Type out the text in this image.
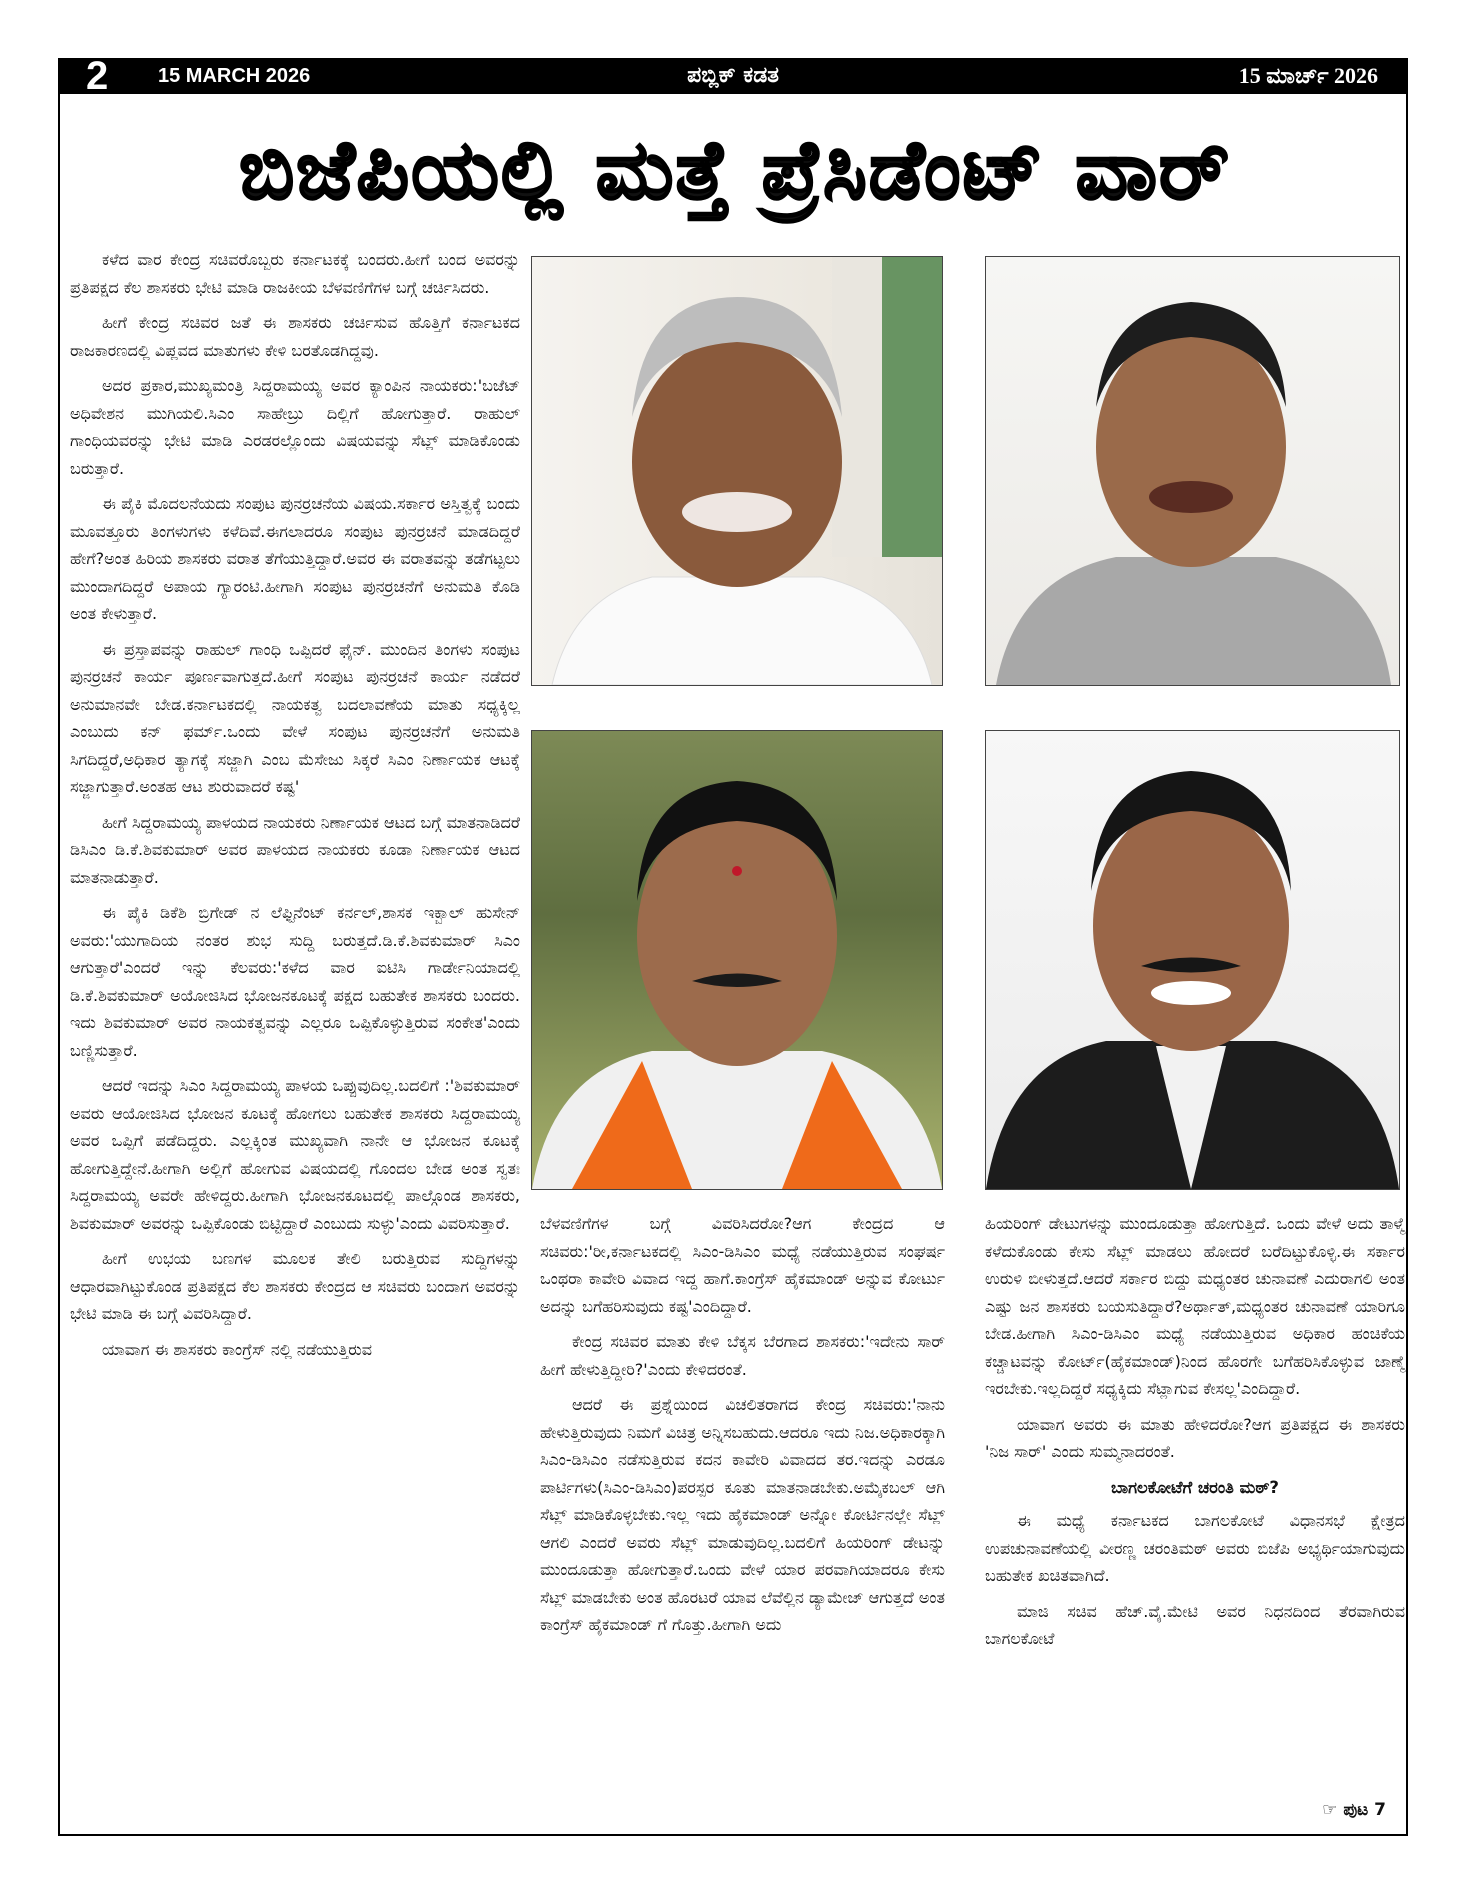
2 15 MARCH 2026	ಪಬ್ಲಿಕ್ ಕಡತ	15 ಮಾರ್ಚ್ 2026
ಬಿಜೆಪಿಯಲ್ಲಿ ಮತ್ತೆ ಪ್ರೆಸಿಡೆಂಟ್ ವಾರ್

ಕಳೆದ ವಾರ ಕೇಂದ್ರ ಸಚಿವರೊಬ್ಬರು ಕರ್ನಾಟಕಕ್ಕೆ ಬಂದರು.ಹೀಗೆ ಬಂದ ಅವರನ್ನು ಪ್ರತಿಪಕ್ಷದ ಕೆಲ ಶಾಸಕರು ಭೇಟಿ ಮಾಡಿ ರಾಜಕೀಯ ಬೆಳವಣಿಗೆಗಳ ಬಗ್ಗೆ ಚರ್ಚಿಸಿದರು.

ಹೀಗೆ ಕೇಂದ್ರ ಸಚಿವರ ಜತೆ ಈ ಶಾಸಕರು ಚರ್ಚಿಸುವ ಹೊತ್ತಿಗೆ ಕರ್ನಾಟಕದ ರಾಜಕಾರಣದಲ್ಲಿ ವಿಪ್ಲವದ ಮಾತುಗಳು ಕೇಳಿ ಬರತೊಡಗಿದ್ದವು.

ಅದರ ಪ್ರಕಾರ,ಮುಖ್ಯಮಂತ್ರಿ ಸಿದ್ದರಾಮಯ್ಯ ಅವರ ಕ್ಯಾಂಪಿನ ನಾಯಕರು:'ಬಜೆಟ್ ಅಧಿವೇಶನ ಮುಗಿಯಲಿ.ಸಿಎಂ ಸಾಹೇಬ್ರು ದಿಲ್ಲಿಗೆ ಹೋಗುತ್ತಾರೆ. ರಾಹುಲ್ ಗಾಂಧಿಯವರನ್ನು ಭೇಟಿ ಮಾಡಿ ಎರಡರಲ್ಲೊಂದು ವಿಷಯವನ್ನು ಸೆಟ್ಲ್ ಮಾಡಿಕೊಂಡು ಬರುತ್ತಾರೆ.

ಈ ಪೈಕಿ ಮೊದಲನೆಯದು ಸಂಪುಟ ಪುನರ್ರಚನೆಯ ವಿಷಯ.ಸರ್ಕಾರ ಅಸ್ತಿತ್ವಕ್ಕೆ ಬಂದು ಮೂವತ್ತೂರು ತಿಂಗಳುಗಳು ಕಳೆದಿವೆ.ಈಗಲಾದರೂ ಸಂಪುಟ ಪುನರ್ರಚನೆ ಮಾಡದಿದ್ದರೆ ಹೇಗೆ?ಅಂತ ಹಿರಿಯ ಶಾಸಕರು ವರಾತ ತೆಗೆಯುತ್ತಿದ್ದಾರೆ.ಅವರ ಈ ವರಾತವನ್ನು ತಡೆಗಟ್ಟಲು ಮುಂದಾಗದಿದ್ದರೆ ಅಪಾಯ ಗ್ಯಾರಂಟಿ.ಹೀಗಾಗಿ ಸಂಪುಟ ಪುನರ್ರಚನೆಗೆ ಅನುಮತಿ ಕೊಡಿ ಅಂತ ಕೇಳುತ್ತಾರೆ.

ಈ ಪ್ರಸ್ತಾಪವನ್ನು ರಾಹುಲ್ ಗಾಂಧಿ ಒಪ್ಪಿದರೆ ಫೈನ್. ಮುಂದಿನ ತಿಂಗಳು ಸಂಪುಟ ಪುನರ್ರಚನೆ ಕಾರ್ಯ ಪೂರ್ಣವಾಗುತ್ತದೆ.ಹೀಗೆ ಸಂಪುಟ ಪುನರ್ರಚನೆ ಕಾರ್ಯ ನಡೆದರೆ ಅನುಮಾನವೇ ಬೇಡ.ಕರ್ನಾಟಕದಲ್ಲಿ ನಾಯಕತ್ವ ಬದಲಾವಣೆಯ ಮಾತು ಸಧ್ಯಕ್ಕಿಲ್ಲ ಎಂಬುದು ಕನ್ ಫರ್ಮ್.ಒಂದು ವೇಳೆ ಸಂಪುಟ ಪುನರ್ರಚನೆಗೆ ಅನುಮತಿ ಸಿಗದಿದ್ದರೆ,ಅಧಿಕಾರ ತ್ಯಾಗಕ್ಕೆ ಸಜ್ಜಾಗಿ ಎಂಬ ಮೆಸೇಜು ಸಿಕ್ಕರೆ ಸಿಎಂ ನಿರ್ಣಾಯಕ ಆಟಕ್ಕೆ ಸಜ್ಜಾಗುತ್ತಾರೆ.ಅಂತಹ ಆಟ ಶುರುವಾದರೆ ಕಷ್ಟ'

ಹೀಗೆ ಸಿದ್ದರಾಮಯ್ಯ ಪಾಳಯದ ನಾಯಕರು ನಿರ್ಣಾಯಕ ಆಟದ ಬಗ್ಗೆ ಮಾತನಾಡಿದರೆ ಡಿಸಿಎಂ ಡಿ.ಕೆ.ಶಿವಕುಮಾರ್ ಅವರ ಪಾಳಯದ ನಾಯಕರು ಕೂಡಾ ನಿರ್ಣಾಯಕ ಆಟದ ಮಾತನಾಡುತ್ತಾರೆ.

ಈ ಪೈಕಿ ಡಿಕೆಶಿ ಬ್ರಿಗೇಡ್ ನ ಲೆಫ್ಟಿನೆಂಟ್ ಕರ್ನಲ್,ಶಾಸಕ ಇಕ್ಬಾಲ್ ಹುಸೇನ್ ಅವರು:'ಯುಗಾದಿಯ ನಂತರ ಶುಭ ಸುದ್ದಿ ಬರುತ್ತದೆ.ಡಿ.ಕೆ.ಶಿವಕುಮಾರ್ ಸಿಎಂ ಆಗುತ್ತಾರೆ'ಎಂದರೆ ಇನ್ನು ಕೆಲವರು:'ಕಳೆದ ವಾರ ಐಟಿಸಿ ಗಾರ್ಡೇನಿಯಾದಲ್ಲಿ ಡಿ.ಕೆ.ಶಿವಕುಮಾರ್ ಅಯೋಜಿಸಿದ ಭೋಜನಕೂಟಕ್ಕೆ ಪಕ್ಷದ ಬಹುತೇಕ ಶಾಸಕರು ಬಂದರು. ಇದು ಶಿವಕುಮಾರ್ ಅವರ ನಾಯಕತ್ವವನ್ನು ಎಲ್ಲರೂ ಒಪ್ಪಿಕೊಳ್ಳುತ್ತಿರುವ ಸಂಕೇತ'ಎಂದು ಬಣ್ಣಿಸುತ್ತಾರೆ.

ಆದರೆ ಇದನ್ನು ಸಿಎಂ ಸಿದ್ದರಾಮಯ್ಯ ಪಾಳಯ ಒಪ್ಪುವುದಿಲ್ಲ.ಬದಲಿಗೆ :'ಶಿವಕುಮಾರ್ ಅವರು ಆಯೋಜಿಸಿದ ಭೋಜನ ಕೂಟಕ್ಕೆ ಹೋಗಲು ಬಹುತೇಕ ಶಾಸಕರು ಸಿದ್ದರಾಮಯ್ಯ ಅವರ ಒಪ್ಪಿಗೆ ಪಡೆದಿದ್ದರು. ಎಲ್ಲಕ್ಕಿಂತ ಮುಖ್ಯವಾಗಿ ನಾನೇ ಆ ಭೋಜನ ಕೂಟಕ್ಕೆ ಹೋಗುತ್ತಿದ್ದೇನೆ.ಹೀಗಾಗಿ ಅಲ್ಲಿಗೆ ಹೋಗುವ ವಿಷಯದಲ್ಲಿ ಗೊಂದಲ ಬೇಡ ಅಂತ ಸ್ವತಃ ಸಿದ್ದರಾಮಯ್ಯ ಅವರೇ ಹೇಳಿದ್ದರು.ಹೀಗಾಗಿ ಭೋಜನಕೂಟದಲ್ಲಿ ಪಾಲ್ಗೊಂಡ ಶಾಸಕರು, ಶಿವಕುಮಾರ್ ಅವರನ್ನು ಒಪ್ಪಿಕೊಂಡು ಬಿಟ್ಟಿದ್ದಾರೆ ಎಂಬುದು ಸುಳ್ಳು'ಎಂದು ವಿವರಿಸುತ್ತಾರೆ.

ಹೀಗೆ ಉಭಯ ಬಣಗಳ ಮೂಲಕ ತೇಲಿ ಬರುತ್ತಿರುವ ಸುದ್ದಿಗಳನ್ನು ಆಧಾರವಾಗಿಟ್ಟುಕೊಂಡ ಪ್ರತಿಪಕ್ಷದ ಕೆಲ ಶಾಸಕರು ಕೇಂದ್ರದ ಆ ಸಚಿವರು ಬಂದಾಗ ಅವರನ್ನು ಭೇಟಿ ಮಾಡಿ ಈ ಬಗ್ಗೆ ವಿವರಿಸಿದ್ದಾರೆ.

ಯಾವಾಗ ಈ ಶಾಸಕರು ಕಾಂಗ್ರೆಸ್ ನಲ್ಲಿ ನಡೆಯುತ್ತಿರುವ

ಬೆಳವಣಿಗೆಗಳ ಬಗ್ಗೆ ವಿವರಿಸಿದರೋ?ಆಗ ಕೇಂದ್ರದ ಆ ಸಚಿವರು:'ರೀ,ಕರ್ನಾಟಕದಲ್ಲಿ ಸಿಎಂ-ಡಿಸಿಎಂ ಮಧ್ಯೆ ನಡೆಯುತ್ತಿರುವ ಸಂಘರ್ಷ ಒಂಥರಾ ಕಾವೇರಿ ವಿವಾದ ಇದ್ದ ಹಾಗೆ.ಕಾಂಗ್ರೆಸ್ ಹೈಕಮಾಂಡ್ ಅನ್ನುವ ಕೋರ್ಟು ಅದನ್ನು ಬಗೆಹರಿಸುವುದು ಕಷ್ಟ'ಎಂದಿದ್ದಾರೆ.

ಕೇಂದ್ರ ಸಚಿವರ ಮಾತು ಕೇಳಿ ಬೆಕ್ಕಸ ಬೆರಗಾದ ಶಾಸಕರು:'ಇದೇನು ಸಾರ್ ಹೀಗೆ ಹೇಳುತ್ತಿದ್ದೀರಿ?'ಎಂದು ಕೇಳಿದರಂತೆ.

ಆದರೆ ಈ ಪ್ರಶ್ನೆಯಿಂದ ವಿಚಲಿತರಾಗದ ಕೇಂದ್ರ ಸಚಿವರು:'ನಾನು ಹೇಳುತ್ತಿರುವುದು ನಿಮಗೆ ವಿಚಿತ್ರ ಅನ್ನಿಸಬಹುದು.ಆದರೂ ಇದು ನಿಜ.ಅಧಿಕಾರಕ್ಕಾಗಿ ಸಿಎಂ-ಡಿಸಿಎಂ ನಡೆಸುತ್ತಿರುವ ಕದನ ಕಾವೇರಿ ವಿವಾದದ ತರ.ಇದನ್ನು ಎರಡೂ ಪಾರ್ಟಿಗಳು(ಸಿಎಂ-ಡಿಸಿಎಂ)ಪರಸ್ಪರ ಕೂತು ಮಾತನಾಡಬೇಕು.ಅಮೈಕಬಲ್ ಆಗಿ ಸೆಟ್ಲ್ ಮಾಡಿಕೊಳ್ಳಬೇಕು.ಇಲ್ಲ ಇದು ಹೈಕಮಾಂಡ್ ಅನ್ನೋ ಕೋರ್ಟಿನಲ್ಲೇ ಸೆಟ್ಲ್ ಆಗಲಿ ಎಂದರೆ ಅವರು ಸೆಟ್ಲ್ ಮಾಡುವುದಿಲ್ಲ.ಬದಲಿಗೆ ಹಿಯರಿಂಗ್ ಡೇಟನ್ನು ಮುಂದೂಡುತ್ತಾ ಹೋಗುತ್ತಾರೆ.ಒಂದು ವೇಳೆ ಯಾರ ಪರವಾಗಿಯಾದರೂ ಕೇಸು ಸೆಟ್ಲ್ ಮಾಡಬೇಕು ಅಂತ ಹೊರಟರೆ ಯಾವ ಲೆವೆಲ್ಲಿನ ಡ್ಯಾಮೇಜ್ ಆಗುತ್ತದೆ ಅಂತ ಕಾಂಗ್ರೆಸ್ ಹೈಕಮಾಂಡ್ ಗೆ ಗೊತ್ತು.ಹೀಗಾಗಿ ಅದು

ಹಿಯರಿಂಗ್ ಡೇಟುಗಳನ್ನು ಮುಂದೂಡುತ್ತಾ ಹೋಗುತ್ತಿದೆ. ಒಂದು ವೇಳೆ ಅದು ತಾಳ್ಮೆ ಕಳೆದುಕೊಂಡು ಕೇಸು ಸೆಟ್ಲ್ ಮಾಡಲು ಹೋದರೆ ಬರೆದಿಟ್ಟುಕೊಳ್ಳಿ.ಈ ಸರ್ಕಾರ ಉರುಳಿ ಬೀಳುತ್ತದೆ.ಆದರೆ ಸರ್ಕಾರ ಬಿದ್ದು ಮಧ್ಯಂತರ ಚುನಾವಣೆ ಎದುರಾಗಲಿ ಅಂತ ಎಷ್ಟು ಜನ ಶಾಸಕರು ಬಯಸುತಿದ್ದಾರೆ?ಅರ್ಥಾತ್,ಮಧ್ಯಂತರ ಚುನಾವಣೆ ಯಾರಿಗೂ ಬೇಡ.ಹೀಗಾಗಿ ಸಿಎಂ-ಡಿಸಿಎಂ ಮಧ್ಯೆ ನಡೆಯುತ್ತಿರುವ ಅಧಿಕಾರ ಹಂಚಿಕೆಯ ಕಚ್ಚಾಟವನ್ನು ಕೋರ್ಟ್(ಹೈಕಮಾಂಡ್)ನಿಂದ ಹೊರಗೇ ಬಗೆಹರಿಸಿಕೊಳ್ಳುವ ಜಾಣ್ಮೆ ಇರಬೇಕು.ಇಲ್ಲದಿದ್ದರೆ ಸಧ್ಯಕ್ಕಿದು ಸೆಟ್ಲಾಗುವ ಕೇಸಲ್ಲ'ಎಂದಿದ್ದಾರೆ.

ಯಾವಾಗ ಅವರು ಈ ಮಾತು ಹೇಳಿದರೋ?ಆಗ ಪ್ರತಿಪಕ್ಷದ ಈ ಶಾಸಕರು 'ನಿಜ ಸಾರ್' ಎಂದು ಸುಮ್ಮನಾದರಂತೆ.

ಬಾಗಲಕೋಟೆಗೆ ಚರಂತಿ ಮಠ್?

ಈ ಮಧ್ಯೆ ಕರ್ನಾಟಕದ ಬಾಗಲಕೋಟೆ ವಿಧಾನಸಭೆ ಕ್ಷೇತ್ರದ ಉಪಚುನಾವಣೆಯಲ್ಲಿ ವೀರಣ್ಣ ಚರಂತಿಮಠ್ ಅವರು ಬಿಜೆಪಿ ಅಭ್ಯರ್ಥಿಯಾಗುವುದು ಬಹುತೇಕ ಖಚಿತವಾಗಿದೆ.

ಮಾಜಿ ಸಚಿವ ಹೆಚ್.ವೈ.ಮೇಟಿ ಅವರ ನಿಧನದಿಂದ ತೆರವಾಗಿರುವ ಬಾಗಲಕೋಟೆ

☞ ಪುಟ 7
